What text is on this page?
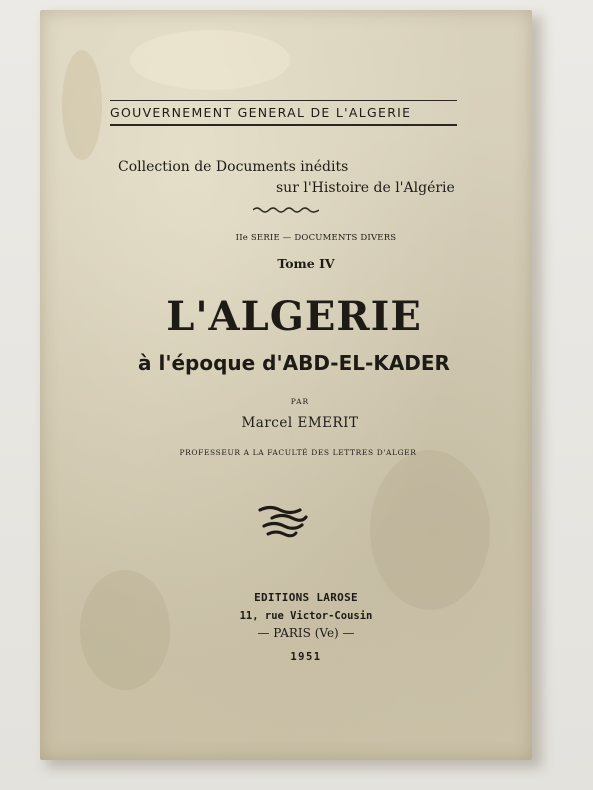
GOUVERNEMENT GENERAL DE L'ALGERIE
Collection de Documents inédits
sur l'Histoire de l'Algérie
IIe SERIE — DOCUMENTS DIVERS
Tome IV
L'ALGERIE
à l'époque d'ABD-EL-KADER
PAR
Marcel EMERIT
PROFESSEUR A LA FACULTÉ DES LETTRES D'ALGER
EDITIONS LAROSE
11, rue Victor-Cousin
— PARIS (Ve) —
1951
